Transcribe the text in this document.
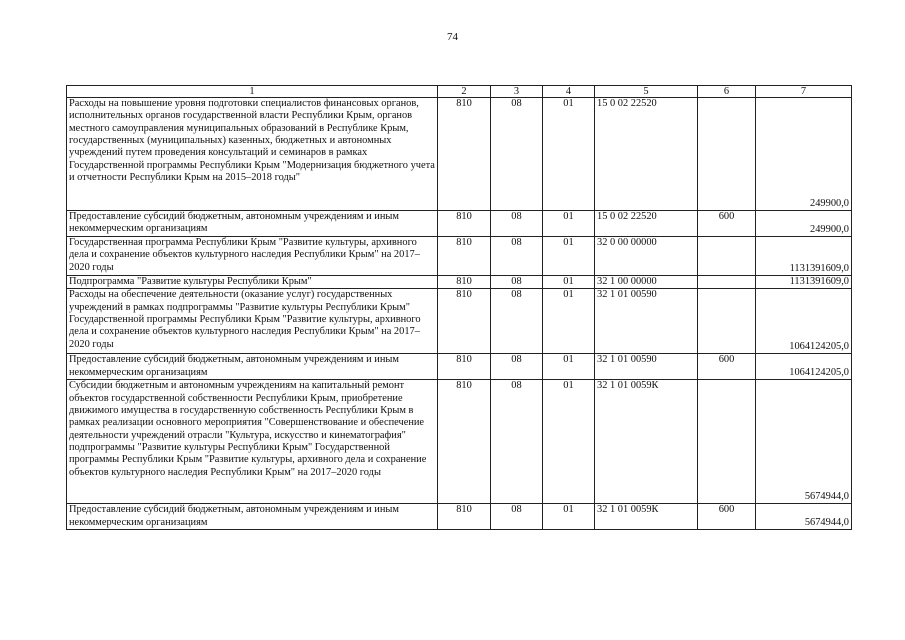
74
1	2	3	4	5	6	7
Расходы на повышение уровня подготовки специалистов финансовых органов, исполнительных органов государственной власти Республики Крым, органов местного самоуправления муниципальных образований в Республике Крым, государственных (муниципальных) казенных, бюджетных и автономных учреждений путем проведения консультаций и семинаров в рамках Государственной программы Республики Крым "Модернизация бюджетного учета и отчетности Республики Крым на 2015–2018 годы"	810	08	01	15 0 02 22520		249900,0
Предоставление субсидий бюджетным, автономным учреждениям и иным некоммерческим организациям	810	08	01	15 0 02 22520	600	249900,0
Государственная программа Республики Крым "Развитие культуры, архивного дела и сохранение объектов культурного наследия Республики Крым" на 2017–2020 годы	810	08	01	32 0 00 00000		1131391609,0
Подпрограмма "Развитие культуры Республики Крым"	810	08	01	32 1 00 00000		1131391609,0
Расходы на обеспечение деятельности (оказание услуг) государственных учреждений в рамках подпрограммы "Развитие культуры Республики Крым" Государственной программы Республики Крым "Развитие культуры, архивного дела и сохранение объектов культурного наследия Республики Крым" на 2017–2020 годы	810	08	01	32 1 01 00590		1064124205,0
Предоставление субсидий бюджетным, автономным учреждениям и иным некоммерческим организациям	810	08	01	32 1 01 00590	600	1064124205,0
Субсидии бюджетным и автономным учреждениям на капитальный ремонт объектов государственной собственности Республики Крым, приобретение движимого имущества в государственную собственность Республики Крым в рамках реализации основного мероприятия "Совершенствование и обеспечение деятельности учреждений отрасли "Культура, искусство и кинематография" подпрограммы "Развитие культуры Республики Крым" Государственной программы Республики Крым "Развитие культуры, архивного дела и сохранение объектов культурного наследия Республики Крым" на 2017–2020 годы	810	08	01	32 1 01 0059К		5674944,0
Предоставление субсидий бюджетным, автономным учреждениям и иным некоммерческим организациям	810	08	01	32 1 01 0059К	600	5674944,0
